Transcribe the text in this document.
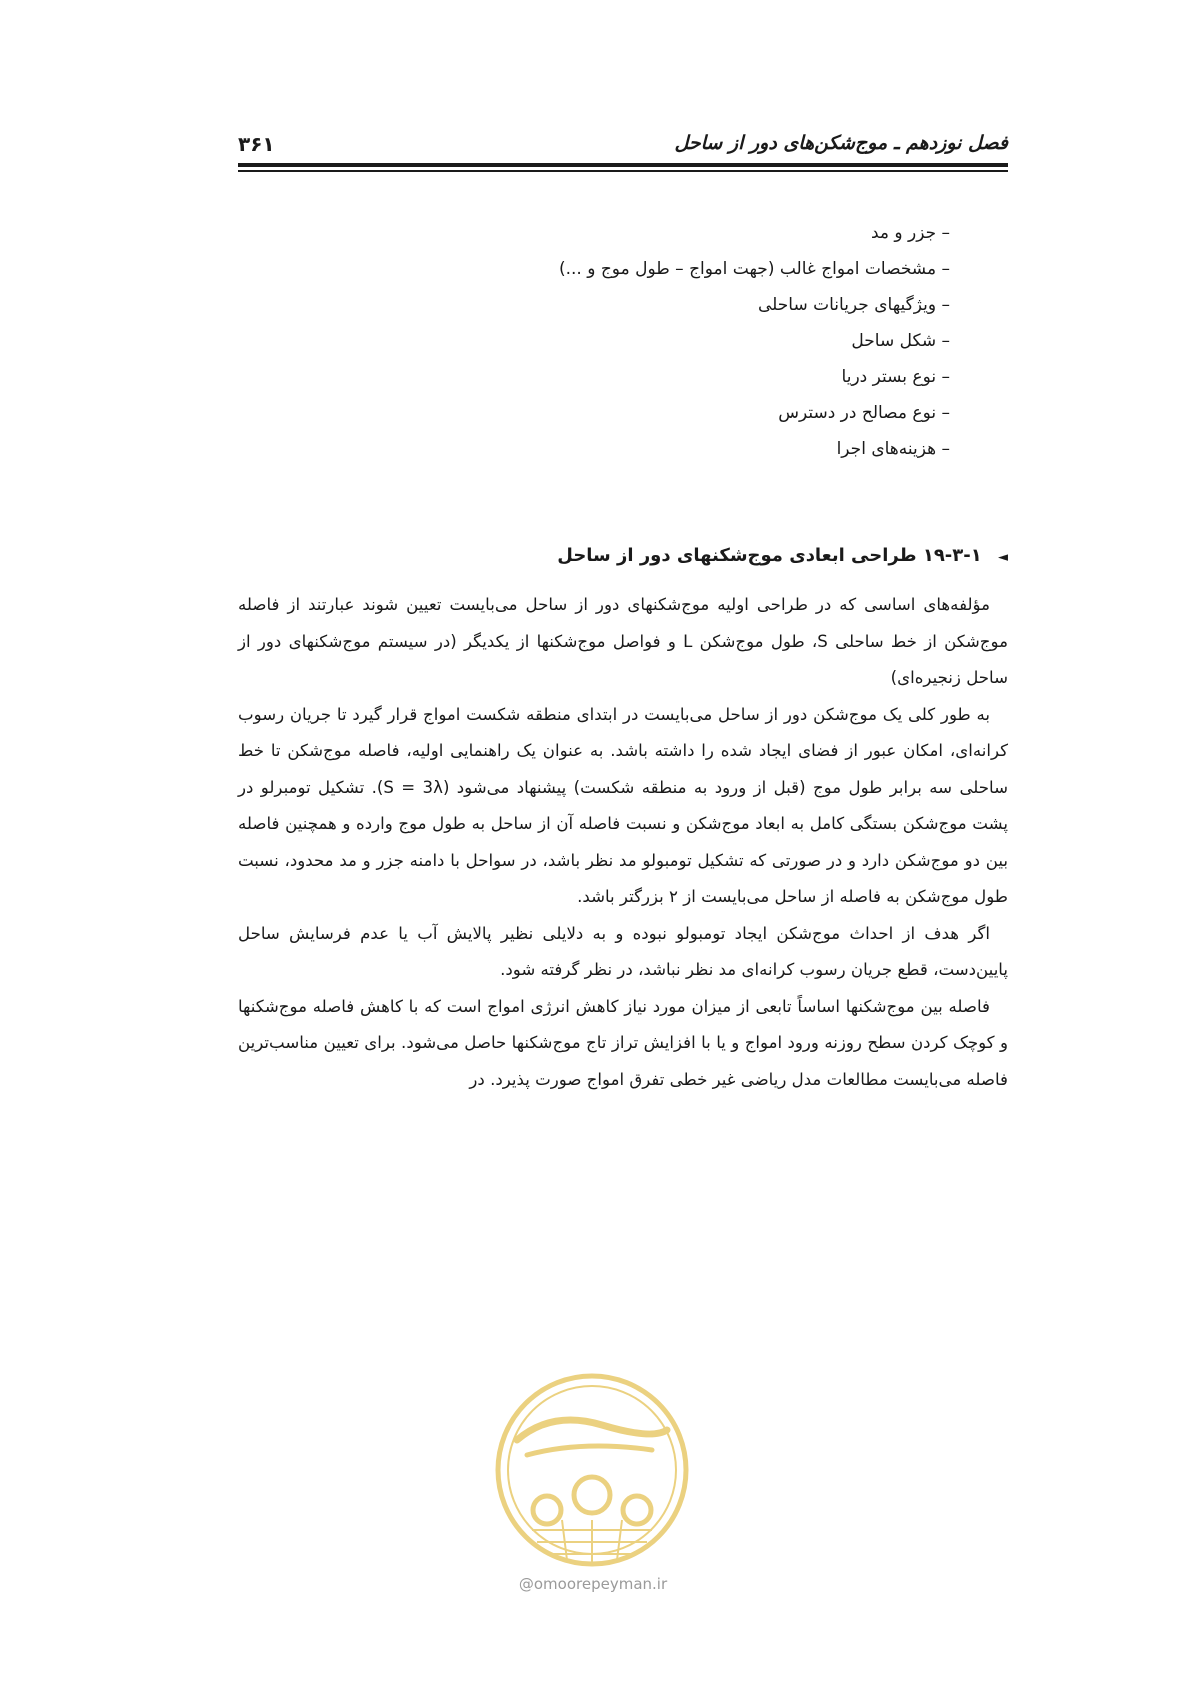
فصل نوزدهم ـ موج‌شکن‌های دور از ساحل
۳۶۱
– جزر و مد
– مشخصات امواج غالب (جهت امواج – طول موج و ...)
– ویژگیهای جریانات ساحلی
– شکل ساحل
– نوع بستر دریا
– نوع مصالح در دسترس
– هزینه‌های اجرا
◄ ۱۹-۳-۱ طراحی ابعادی موج‌شکنهای دور از ساحل

مؤلفه‌های اساسی که در طراحی اولیه موج‌شکنهای دور از ساحل می‌بایست تعیین شوند عبارتند از فاصله موج‌شکن از خط ساحلی S، طول موج‌شکن L و فواصل موج‌شکنها از یکدیگر (در سیستم موج‌شکنهای دور از ساحل زنجیره‌ای)

به طور کلی یک موج‌شکن دور از ساحل می‌بایست در ابتدای منطقه شکست امواج قرار گیرد تا جریان رسوب کرانه‌ای، امکان عبور از فضای ایجاد شده را داشته باشد. به عنوان یک راهنمایی اولیه، فاصله موج‌شکن تا خط ساحلی سه برابر طول موج (قبل از ورود به منطقه شکست) پیشنهاد می‌شود (S = 3λ). تشکیل تومبرلو در پشت موج‌شکن بستگی کامل به ابعاد موج‌شکن و نسبت فاصله آن از ساحل به طول موج وارده و همچنین فاصله بین دو موج‌شکن دارد و در صورتی که تشکیل تومبولو مد نظر باشد، در سواحل با دامنه جزر و مد محدود، نسبت طول موج‌شکن به فاصله از ساحل می‌بایست از ۲ بزرگتر باشد.

اگر هدف از احداث موج‌شکن ایجاد تومبولو نبوده و به دلایلی نظیر پالایش آب یا عدم فرسایش ساحل پایین‌دست، قطع جریان رسوب کرانه‌ای مد نظر نباشد، در نظر گرفته شود.

فاصله بین موج‌شکنها اساساً تابعی از میزان مورد نیاز کاهش انرژی امواج است که با کاهش فاصله موج‌شکنها و کوچک کردن سطح روزنه ورود امواج و یا با افزایش تراز تاج موج‌شکنها حاصل می‌شود. برای تعیین مناسب‌ترین فاصله می‌بایست مطالعات مدل ریاضی غیر خطی تفرق امواج صورت پذیرد. در

@omoorepeyman.ir
